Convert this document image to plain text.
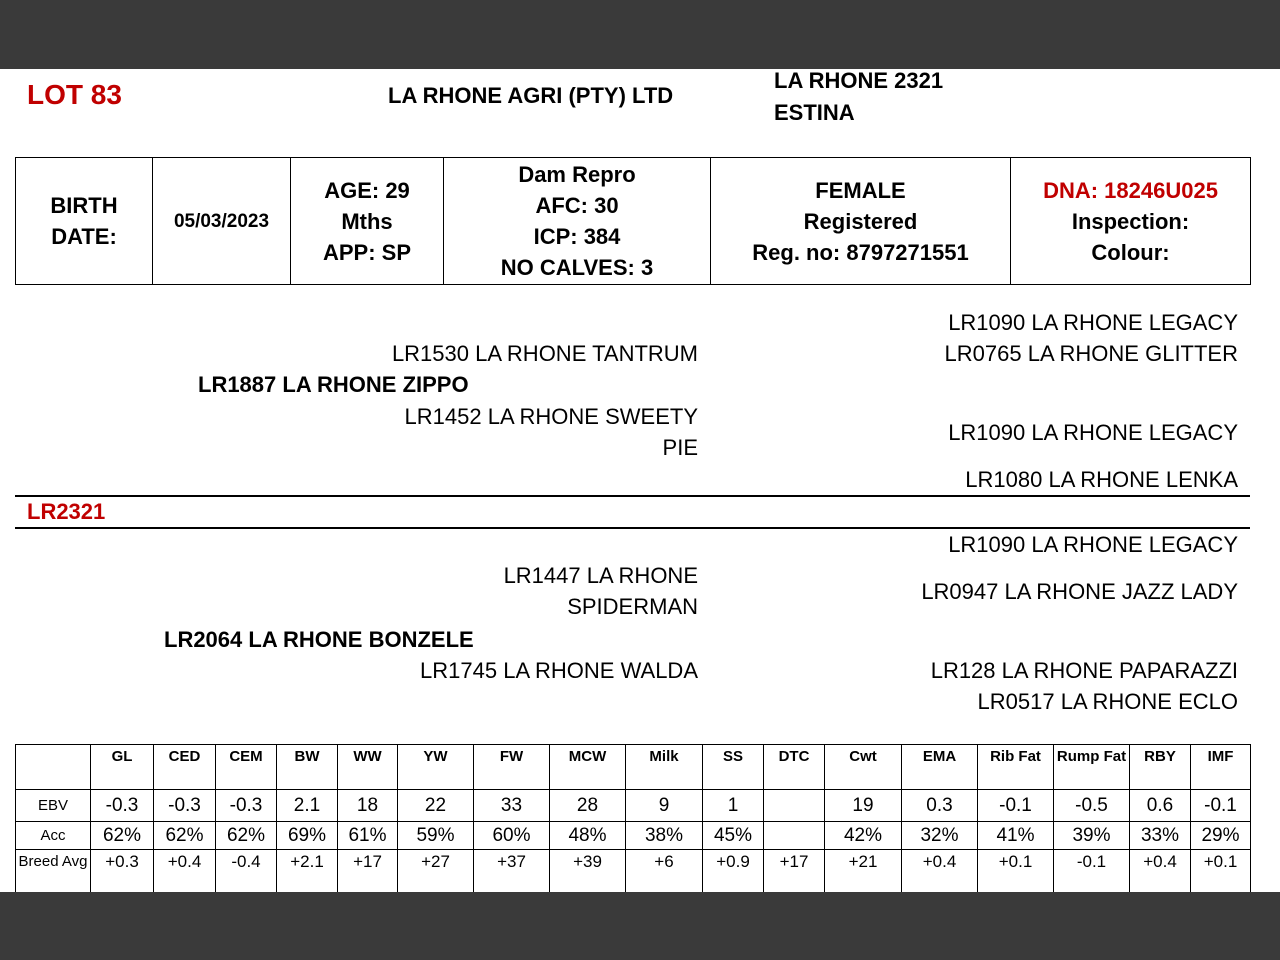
LOT 83	LA RHONE AGRI (PTY) LTD
LA RHONE 2321
ESTINA
BIRTH
DATE:
	05/03/2023	
AGE: 29
Mths
APP: SP

Dam Repro
AFC: 30
ICP: 384
NO CALVES: 3

FEMALE
Registered
Reg. no: 8797271551

DNA: 18246U025
Inspection:
Colour:
LR1090 LA RHONE LEGACY
LR1530 LA RHONE TANTRUM	LR0765 LA RHONE GLITTER
LR1887 LA RHONE ZIPPO
LR1452 LA RHONE SWEETY
PIE
LR1090 LA RHONE LEGACY
LR1080 LA RHONE LENKA
LR2321
LR1090 LA RHONE LEGACY
LR1447 LA RHONE
SPIDERMAN
LR0947 LA RHONE JAZZ LADY
LR2064 LA RHONE BONZELE
LR1745 LA RHONE WALDA	LR128 LA RHONE PAPARAZZI
LR0517 LA RHONE ECLO
	GL	CED	CEM	BW	WW	YW	FW	MCW	Milk	SS	DTC	Cwt	EMA	Rib Fat	Rump Fat	RBY	IMF
EBV	-0.3	-0.3	-0.3	2.1	18	22	33	28	9	1		19	0.3	-0.1	-0.5	0.6	-0.1
Acc	62%	62%	62%	69%	61%	59%	60%	48%	38%	45%		42%	32%	41%	39%	33%	29%
Breed Avg	+0.3	+0.4	-0.4	+2.1	+17	+27	+37	+39	+6	+0.9	+17	+21	+0.4	+0.1	-0.1	+0.4	+0.1
